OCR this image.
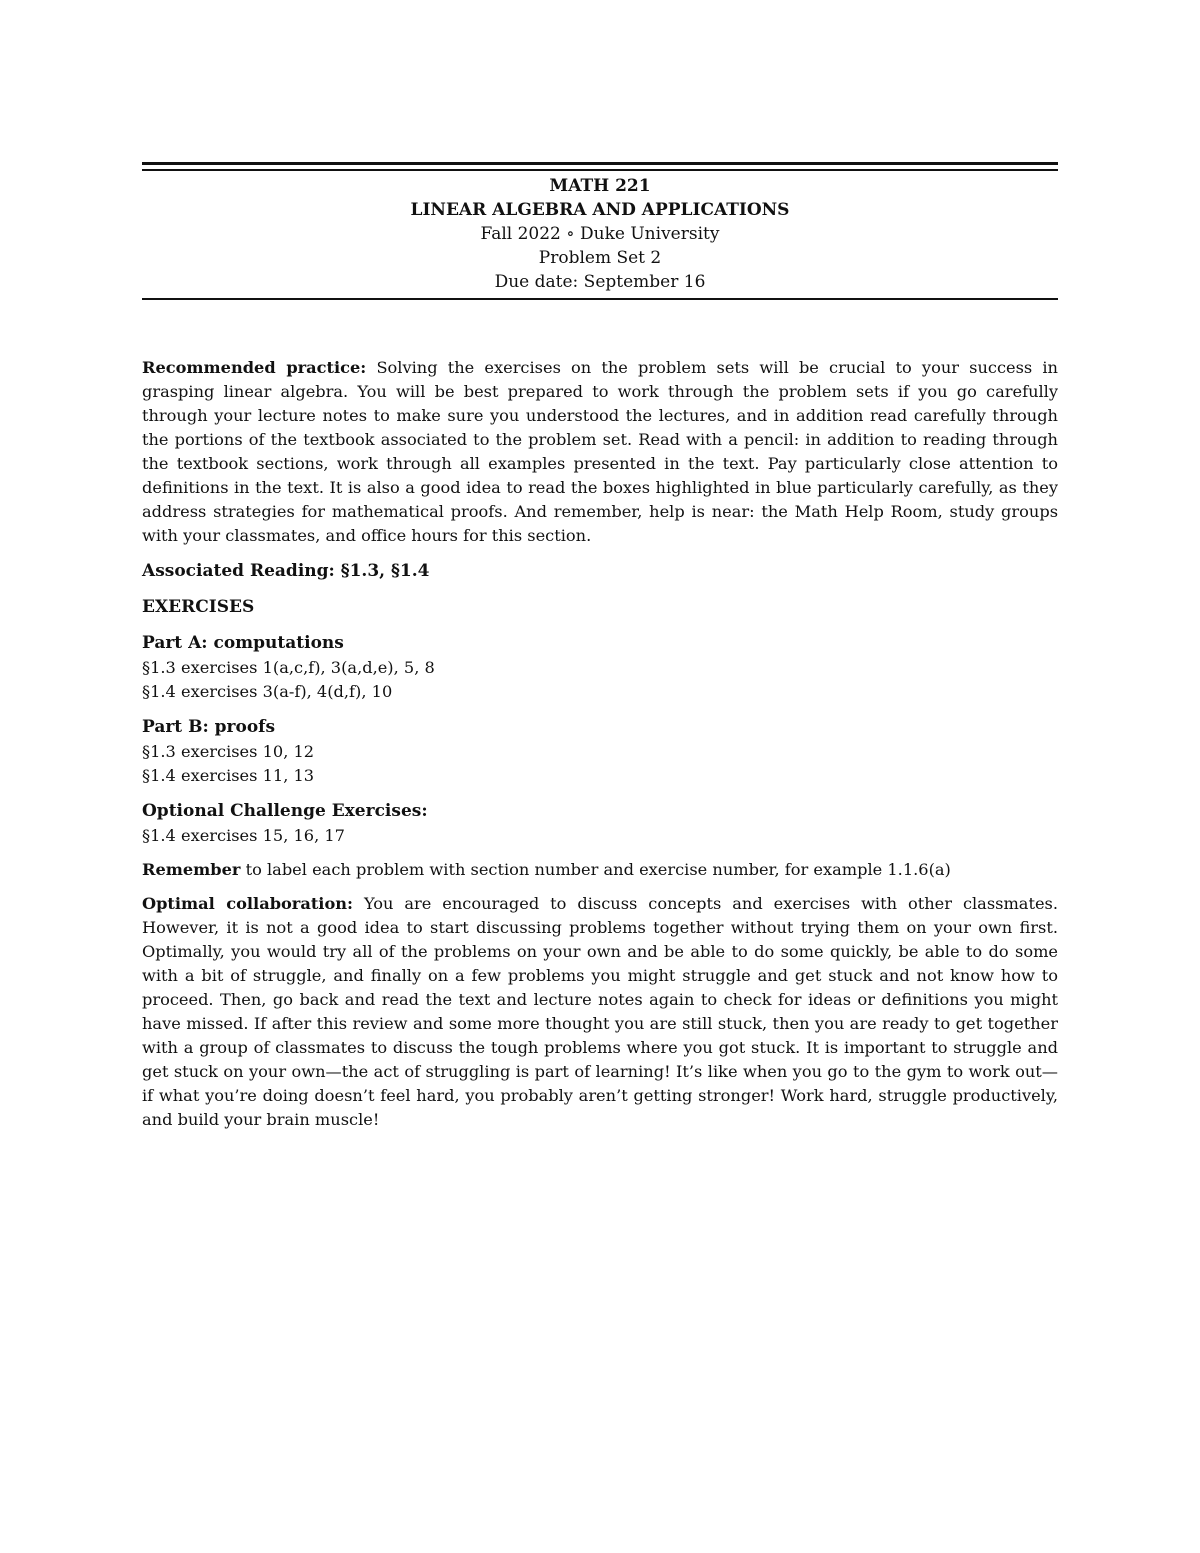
MATH 221
LINEAR ALGEBRA AND APPLICATIONS
Fall 2022 ∘ Duke University
Problem Set 2
Due date: September 16

Recommended practice: Solving the exercises on the problem sets will be crucial to your success in grasping linear algebra. You will be best prepared to work through the problem sets if you go carefully through your lecture notes to make sure you understood the lectures, and in addition read carefully through the portions of the textbook associated to the problem set. Read with a pencil: in addition to reading through the textbook sections, work through all examples presented in the text. Pay particularly close attention to definitions in the text. It is also a good idea to read the boxes highlighted in blue particularly carefully, as they address strategies for mathematical proofs. And remember, help is near: the Math Help Room, study groups with your classmates, and office hours for this section.

Associated Reading: §1.3, §1.4

EXERCISES

Part A: computations

§1.3 exercises 1(a,c,f), 3(a,d,e), 5, 8

§1.4 exercises 3(a-f), 4(d,f), 10

Part B: proofs

§1.3 exercises 10, 12

§1.4 exercises 11, 13

Optional Challenge Exercises:

§1.4 exercises 15, 16, 17

Remember to label each problem with section number and exercise number, for example 1.1.6(a)

Optimal collaboration: You are encouraged to discuss concepts and exercises with other classmates. However, it is not a good idea to start discussing problems together without trying them on your own first. Optimally, you would try all of the problems on your own and be able to do some quickly, be able to do some with a bit of struggle, and finally on a few problems you might struggle and get stuck and not know how to proceed. Then, go back and read the text and lecture notes again to check for ideas or definitions you might have missed. If after this review and some more thought you are still stuck, then you are ready to get together with a group of classmates to discuss the tough problems where you got stuck. It is important to struggle and get stuck on your own—the act of struggling is part of learning! It’s like when you go to the gym to work out—if what you’re doing doesn’t feel hard, you probably aren’t getting stronger! Work hard, struggle productively, and build your brain muscle!
